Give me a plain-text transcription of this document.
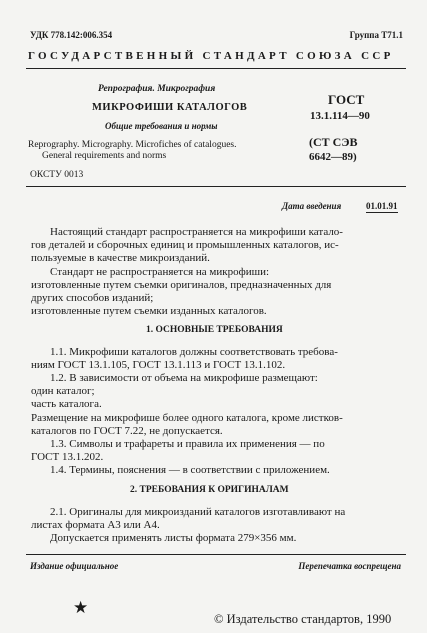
УДК 778.142:006.354	Группа Т71.1
ГОСУДАРСТВЕННЫЙ СТАНДАРТ СОЮЗА ССР
Репрография. Микрография
МИКРОФИШИ КАТАЛОГОВ
Общие требования и нормы
Reprography. Micrography. Microfiches of catalogues.
General requirements and norms
ГОСТ
13.1.114—90
(СТ СЭВ
6642—89)
ОКСТУ 0013
Дата введения	01.01.91
Настоящий стандарт распространяется на микрофиши катало-
гов деталей и сборочных единиц и промышленных каталогов, ис-
пользуемые в качестве микроизданий.
Стандарт не распространяется на микрофиши:
изготовленные путем съемки оригиналов, предназначенных для
других способов изданий;
изготовленные путем съемки изданных каталогов.
1. ОСНОВНЫЕ ТРЕБОВАНИЯ
1.1. Микрофиши каталогов должны соответствовать требова-
ниям ГОСТ 13.1.105, ГОСТ 13.1.113 и ГОСТ 13.1.102.
1.2. В зависимости от объема на микрофише размещают:
один каталог;
часть каталога.
Размещение на микрофише более одного каталога, кроме листков-
каталогов по ГОСТ 7.22, не допускается.
1.3. Символы и трафареты и правила их применения — по
ГОСТ 13.1.202.
1.4. Термины, пояснения — в соответствии с приложением.
2. ТРЕБОВАНИЯ К ОРИГИНАЛАМ
2.1. Оригиналы для микроизданий каталогов изготавливают на
листах формата А3 или А4.
Допускается применять листы формата 279×356 мм.
Издание официальное	Перепечатка воспрещена
★
© Издательство стандартов, 1990
